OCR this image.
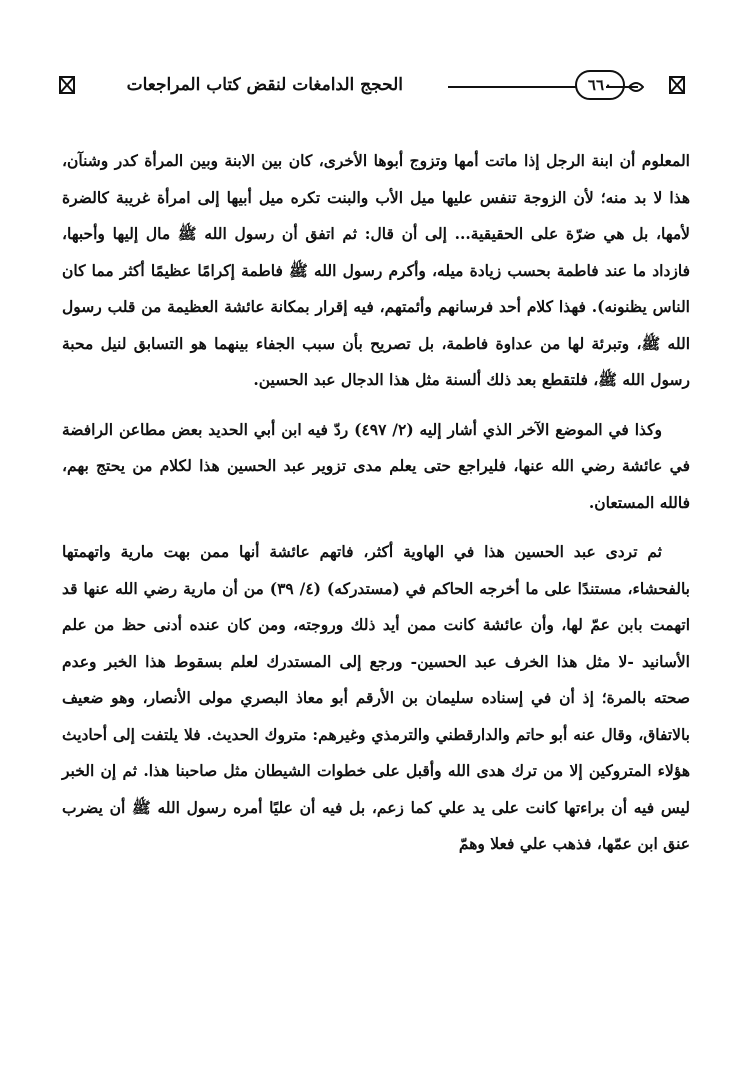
الحجج الدامغات لنقض كتاب المراجعات	٦٦٠

المعلوم أن ابنة الرجل إذا ماتت أمها وتزوج أبوها الأخرى، كان بين الابنة وبين المرأة كدر وشنآن، هذا لا بد منه؛ لأن الزوجة تنفس عليها ميل الأب والبنت تكره ميل أبيها إلى امرأة غريبة كالضرة لأمها، بل هي ضرّة على الحقيقية... إلى أن قال: ثم اتفق أن رسول الله ﷺ مال إليها وأحبها، فازداد ما عند فاطمة بحسب زيادة ميله، وأكرم رسول الله ﷺ فاطمة إكرامًا عظيمًا أكثر مما كان الناس يظنونه). فهذا كلام أحد فرسانهم وأئمتهم، فيه إقرار بمكانة عائشة العظيمة من قلب رسول الله ﷺ، وتبرئة لها من عداوة فاطمة، بل تصريح بأن سبب الجفاء بينهما هو التسابق لنيل محبة رسول الله ﷺ، فلتقطع بعد ذلك ألسنة مثل هذا الدجال عبد الحسين.

وكذا في الموضع الآخر الذي أشار إليه (٢/ ٤٩٧) ردّ فيه ابن أبي الحديد بعض مطاعن الرافضة في عائشة رضي الله عنها، فليراجع حتى يعلم مدى تزوير عبد الحسين هذا لكلام من يحتج بهم، فالله المستعان.

ثم تردى عبد الحسين هذا في الهاوية أكثر، فاتهم عائشة أنها ممن بهت مارية واتهمتها بالفحشاء، مستندًا على ما أخرجه الحاكم في (مستدركه) (٤/ ٣٩) من أن مارية رضي الله عنها قد اتهمت بابن عمّ لها، وأن عائشة كانت ممن أيد ذلك وروجته، ومن كان عنده أدنى حظ من علم الأسانيد -لا مثل هذا الخرف عبد الحسين- ورجع إلى المستدرك لعلم بسقوط هذا الخبر وعدم صحته بالمرة؛ إذ أن في إسناده سليمان بن الأرقم أبو معاذ البصري مولى الأنصار، وهو ضعيف بالاتفاق، وقال عنه أبو حاتم والدارقطني والترمذي وغيرهم: متروك الحديث. فلا يلتفت إلى أحاديث هؤلاء المتروكين إلا من ترك هدى الله وأقبل على خطوات الشيطان مثل صاحبنا هذا. ثم إن الخبر ليس فيه أن براءتها كانت على يد علي كما زعم، بل فيه أن عليًا أمره رسول الله ﷺ أن يضرب عنق ابن عمّها، فذهب علي فعلا وهمّ
